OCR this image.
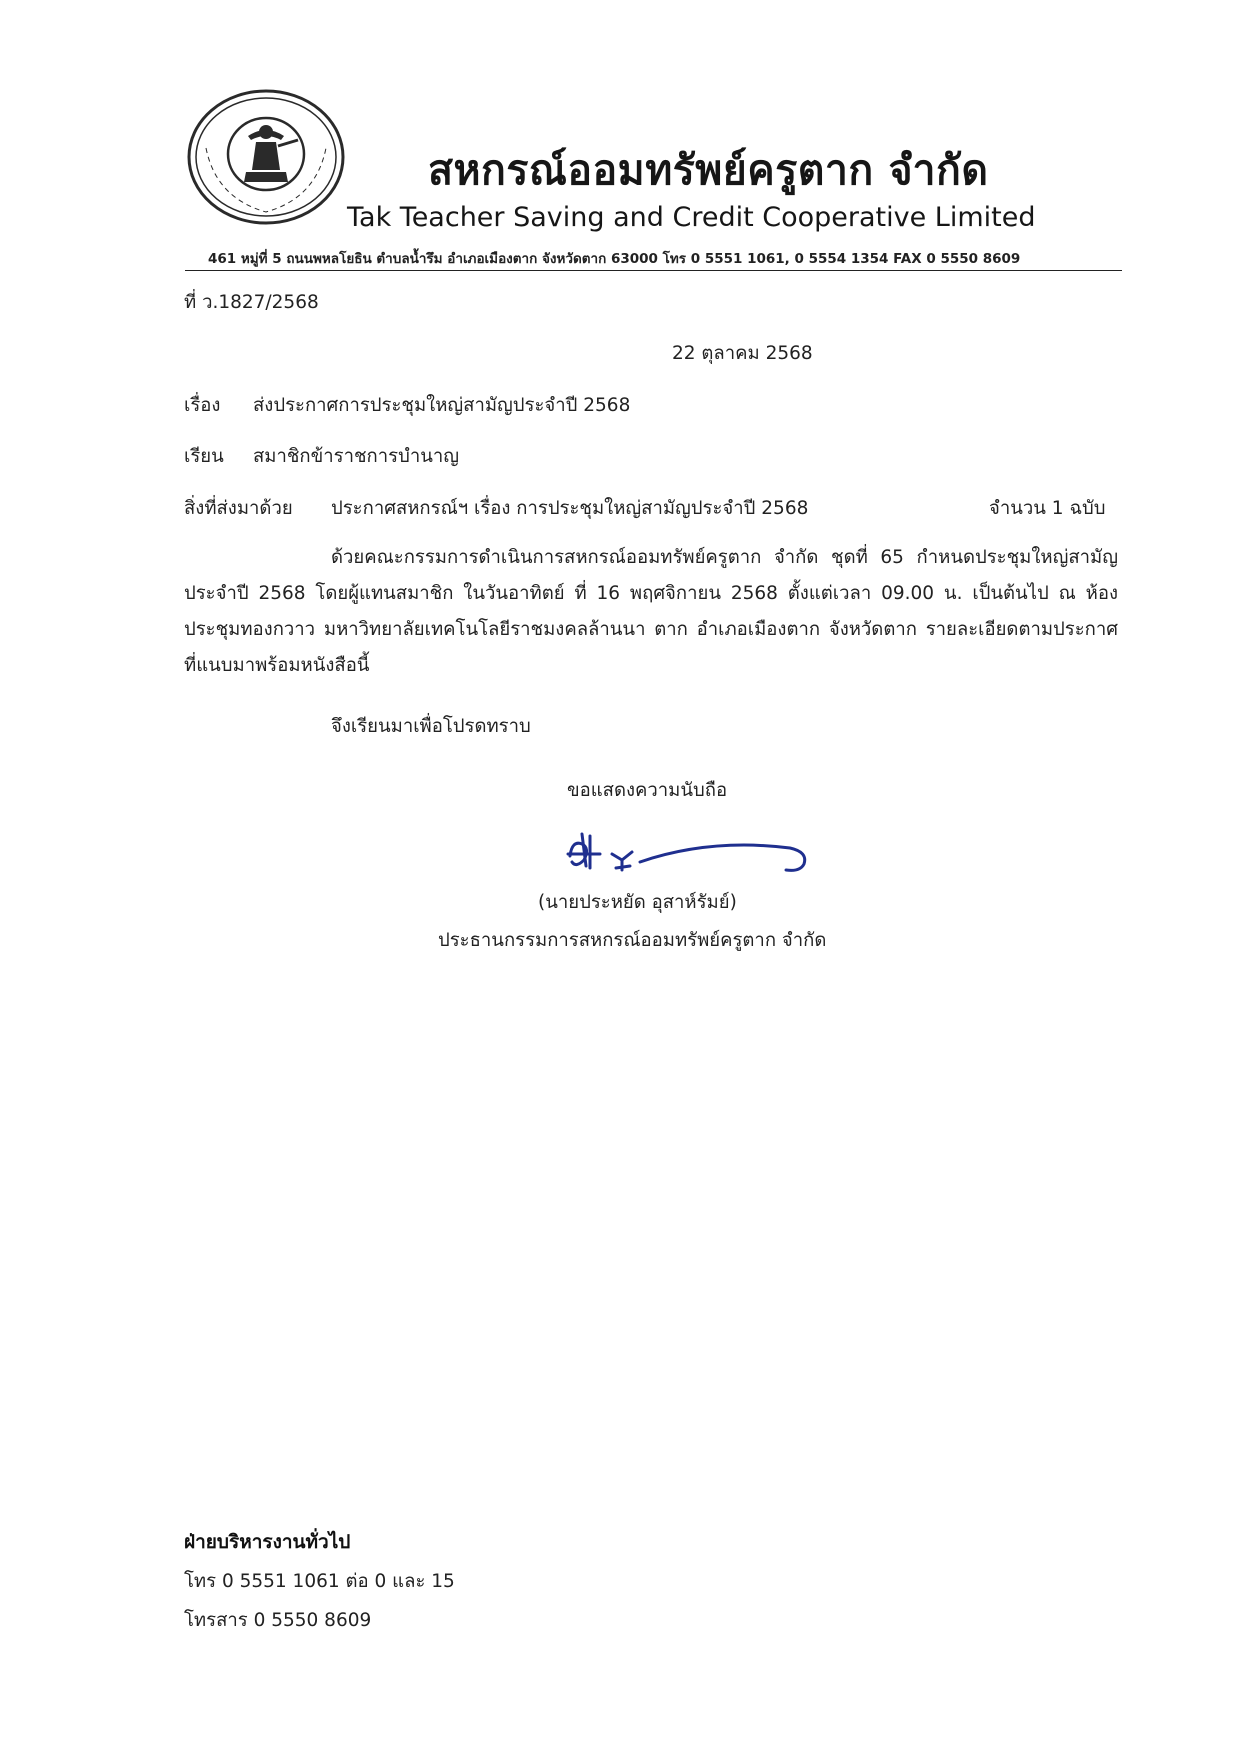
สหกรณ์ออมทรัพย์ครูตาก จำกัด
Tak Teacher Saving and Credit Cooperative Limited
461 หมู่ที่ 5 ถนนพหลโยธิน ตำบลน้ำรึม อำเภอเมืองตาก จังหวัดตาก 63000 โทร 0 5551 1061, 0 5554 1354 FAX 0 5550 8609
ที่ ว.1827/2568
22 ตุลาคม 2568
เรื่อง ส่งประกาศการประชุมใหญ่สามัญประจำปี 2568
เรียน สมาชิกข้าราชการบำนาญ
สิ่งที่ส่งมาด้วย ประกาศสหกรณ์ฯ เรื่อง การประชุมใหญ่สามัญประจำปี 2568	จำนวน 1 ฉบับ
ด้วยคณะกรรมการดำเนินการสหกรณ์ออมทรัพย์ครูตาก จำกัด ชุดที่ 65 กำหนดประชุมใหญ่สามัญประจำปี 2568 โดยผู้แทนสมาชิก ในวันอาทิตย์ ที่ 16 พฤศจิกายน 2568 ตั้งแต่เวลา 09.00 น. เป็นต้นไป ณ ห้องประชุมทองกวาว มหาวิทยาลัยเทคโนโลยีราชมงคลล้านนา ตาก อำเภอเมืองตาก จังหวัดตาก รายละเอียดตามประกาศ ที่แนบมาพร้อมหนังสือนี้
จึงเรียนมาเพื่อโปรดทราบ
ขอแสดงความนับถือ
(นายประหยัด อุสาห์รัมย์)
ประธานกรรมการสหกรณ์ออมทรัพย์ครูตาก จำกัด
ฝ่ายบริหารงานทั่วไป
โทร 0 5551 1061 ต่อ 0 และ 15
โทรสาร 0 5550 8609
